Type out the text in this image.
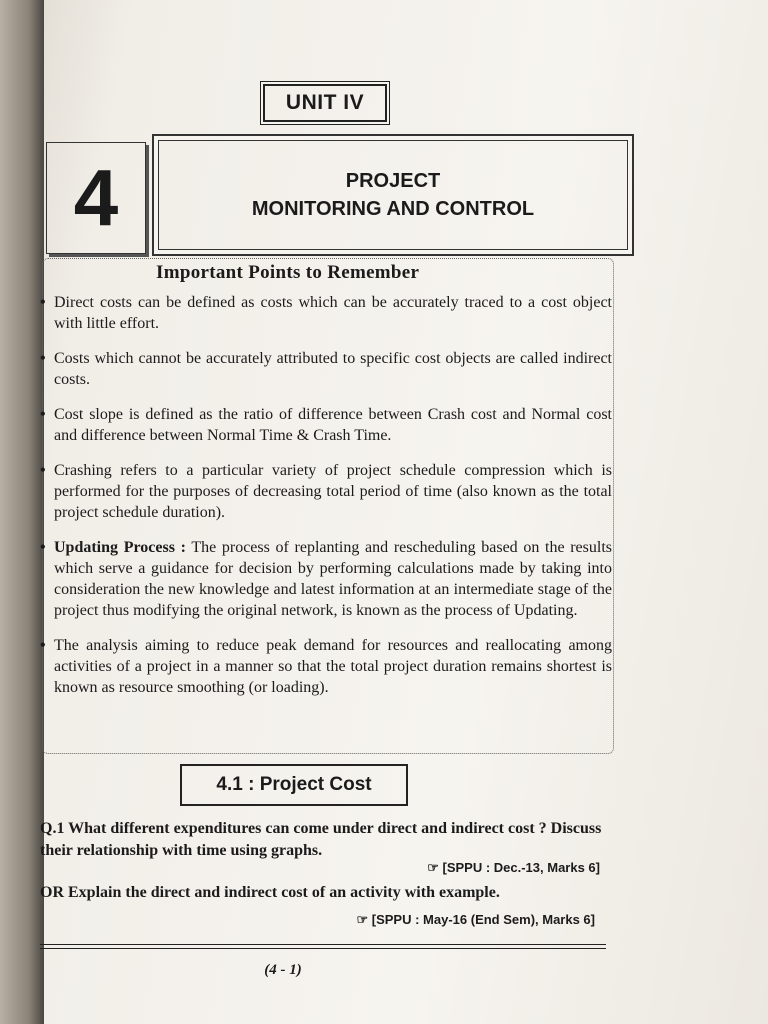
UNIT IV
4	PROJECT
MONITORING AND CONTROL
Important Points to Remember
• Direct costs can be defined as costs which can be accurately traced to a cost object with little effort.
• Costs which cannot be accurately attributed to specific cost objects are called indirect costs.
• Cost slope is defined as the ratio of difference between Crash cost and Normal cost and difference between Normal Time & Crash Time.
• Crashing refers to a particular variety of project schedule compression which is performed for the purposes of decreasing total period of time (also known as the total project schedule duration).
• Updating Process : The process of replanting and rescheduling based on the results which serve a guidance for decision by performing calculations made by taking into consideration the new knowledge and latest information at an intermediate stage of the project thus modifying the original network, is known as the process of Updating.
• The analysis aiming to reduce peak demand for resources and reallocating among activities of a project in a manner so that the total project duration remains shortest is known as resource smoothing (or loading).
4.1 : Project Cost
Q.1 What different expenditures can come under direct and indirect cost ? Discuss their relationship with time using graphs.
☞ [SPPU : Dec.-13, Marks 6]
OR Explain the direct and indirect cost of an activity with example.
☞ [SPPU : May-16 (End Sem), Marks 6]
(4 - 1)
